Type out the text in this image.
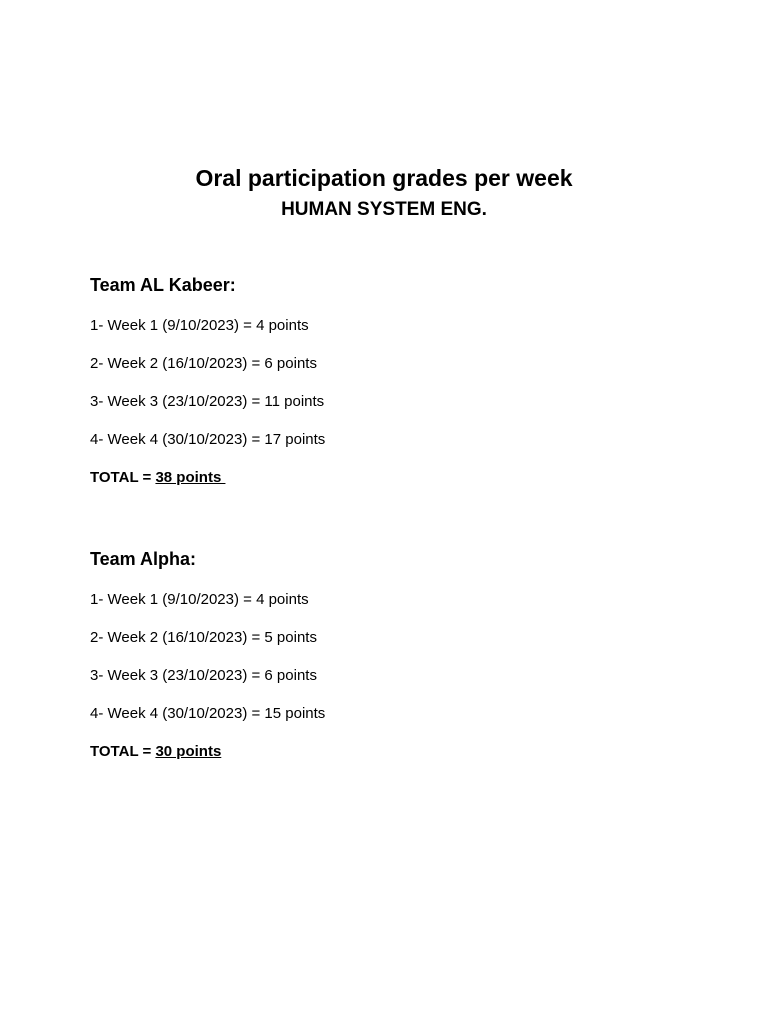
Oral participation grades per week
HUMAN SYSTEM ENG.
Team AL Kabeer:
1- Week 1 (9/10/2023) = 4 points
2- Week 2 (16/10/2023) = 6 points
3- Week 3 (23/10/2023) = 11 points
4- Week 4 (30/10/2023) = 17 points
TOTAL = 38 points
Team Alpha:
1- Week 1 (9/10/2023) = 4 points
2- Week 2 (16/10/2023) = 5 points
3- Week 3 (23/10/2023) = 6 points
4- Week 4 (30/10/2023) = 15 points
TOTAL = 30 points
